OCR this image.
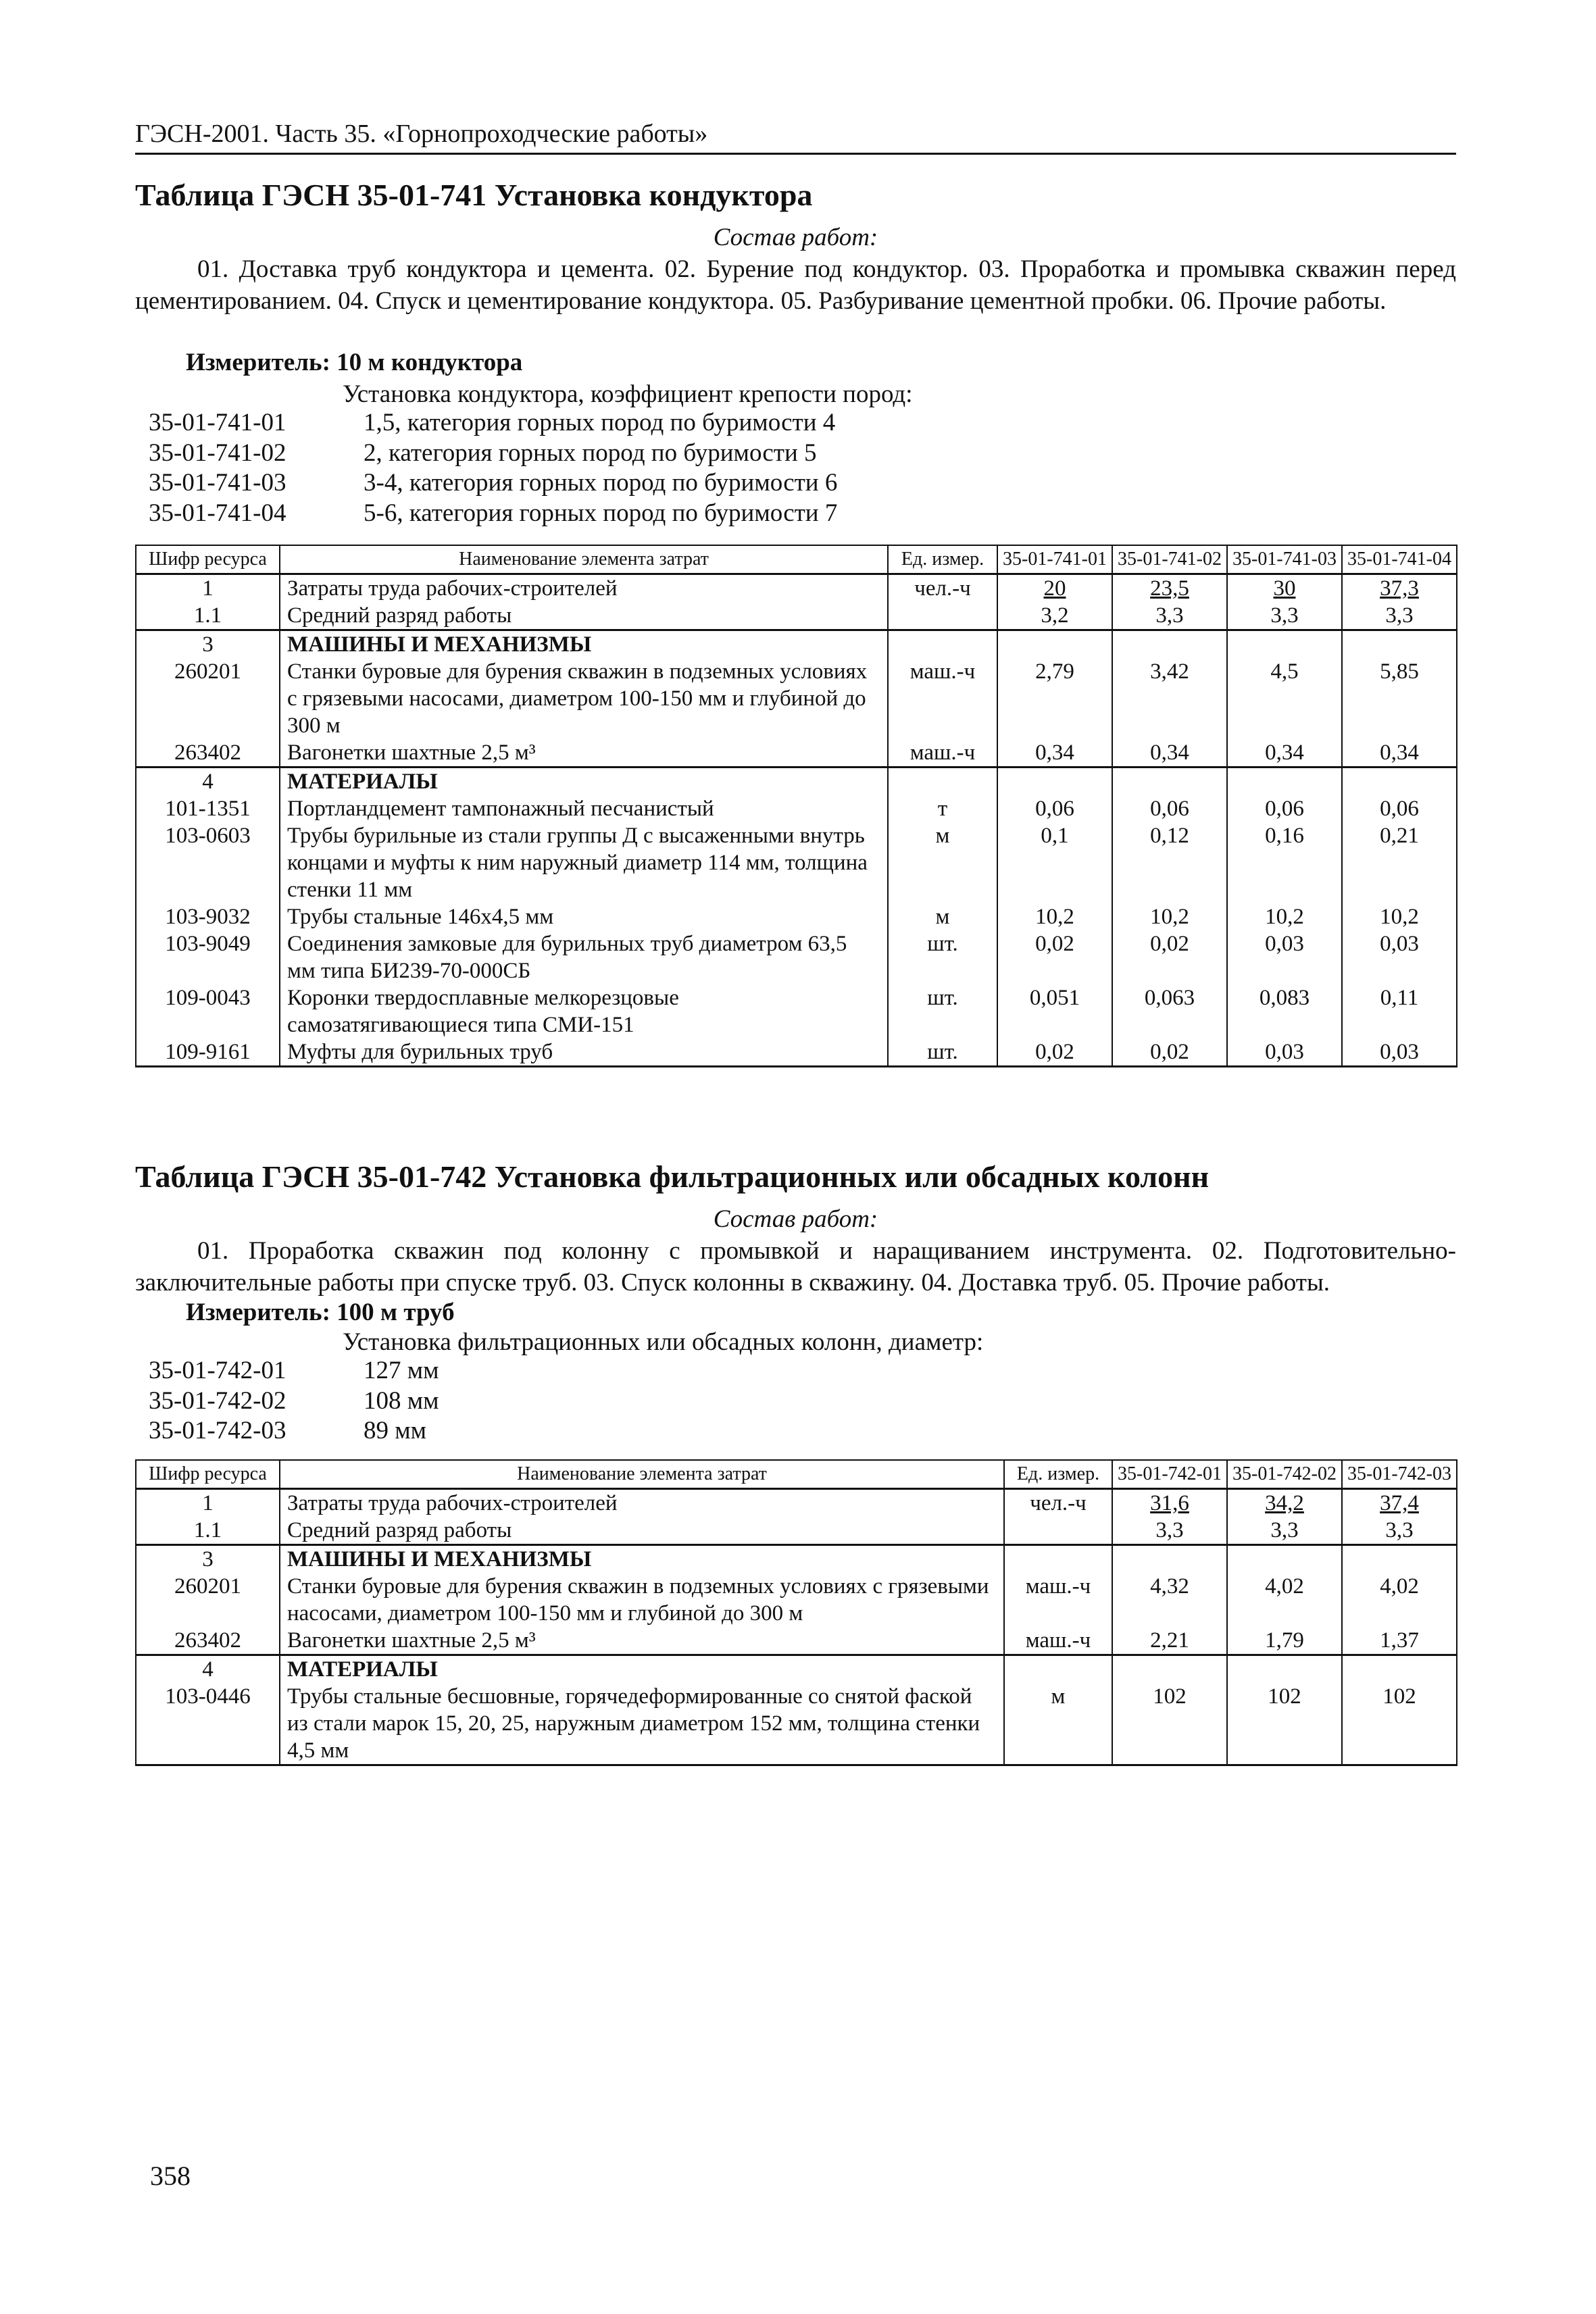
ГЭСН-2001. Часть 35. «Горнопроходческие работы»
Таблица ГЭСН 35-01-741 Установка кондуктора
Состав работ:
01. Доставка труб кондуктора и цемента. 02. Бурение под кондуктор. 03. Проработка и промывка скважин перед цементированием. 04. Спуск и цементирование кондуктора. 05. Разбуривание цементной пробки. 06. Прочие работы.
Измеритель: 10 м кондуктора
Установка кондуктора, коэффициент крепости пород:
35-01-741-01	1,5, категория горных пород по буримости 4
35-01-741-02	2, категория горных пород по буримости 5
35-01-741-03	3-4, категория горных пород по буримости 6
35-01-741-04	5-6, категория горных пород по буримости 7
Шифр ресурса	Наименование элемента затрат	Ед. измер.	35-01-741-01	35-01-741-02	35-01-741-03	35-01-741-04
1	Затраты труда рабочих-строителей	чел.-ч	20	23,5	30	37,3
1.1	Средний разряд работы		3,2	3,3	3,3	3,3
3	МАШИНЫ И МЕХАНИЗМЫ					
260201	Станки буровые для бурения скважин в подземных условиях с грязевыми насосами, диаметром 100-150 мм и глубиной до 300 м	маш.-ч	2,79	3,42	4,5	5,85
263402	Вагонетки шахтные 2,5 м³	маш.-ч	0,34	0,34	0,34	0,34
4	МАТЕРИАЛЫ					
101-1351	Портландцемент тампонажный песчанистый	т	0,06	0,06	0,06	0,06
103-0603	Трубы бурильные из стали группы Д с высаженными внутрь концами и муфты к ним наружный диаметр 114 мм, толщина стенки 11 мм	м	0,1	0,12	0,16	0,21
103-9032	Трубы стальные 146х4,5 мм	м	10,2	10,2	10,2	10,2
103-9049	Соединения замковые для бурильных труб диаметром 63,5 мм типа БИ239-70-000СБ	шт.	0,02	0,02	0,03	0,03
109-0043	Коронки твердосплавные мелкорезцовые самозатягивающиеся типа СМИ-151	шт.	0,051	0,063	0,083	0,11
109-9161	Муфты для бурильных труб	шт.	0,02	0,02	0,03	0,03
Таблица ГЭСН 35-01-742 Установка фильтрационных или обсадных колонн
Состав работ:
01. Проработка скважин под колонну с промывкой и наращиванием инструмента. 02. Подготовительно-заключительные работы при спуске труб. 03. Спуск колонны в скважину. 04. Доставка труб. 05. Прочие работы.
Измеритель: 100 м труб
Установка фильтрационных или обсадных колонн, диаметр:
35-01-742-01	127 мм
35-01-742-02	108 мм
35-01-742-03	89 мм
Шифр ресурса	Наименование элемента затрат	Ед. измер.	35-01-742-01	35-01-742-02	35-01-742-03
1	Затраты труда рабочих-строителей	чел.-ч	31,6	34,2	37,4
1.1	Средний разряд работы		3,3	3,3	3,3
3	МАШИНЫ И МЕХАНИЗМЫ				
260201	Станки буровые для бурения скважин в подземных условиях с грязевыми насосами, диаметром 100-150 мм и глубиной до 300 м	маш.-ч	4,32	4,02	4,02
263402	Вагонетки шахтные 2,5 м³	маш.-ч	2,21	1,79	1,37
4	МАТЕРИАЛЫ				
103-0446	Трубы стальные бесшовные, горячедеформированные со снятой фаской из стали марок 15, 20, 25, наружным диаметром 152 мм, толщина стенки 4,5 мм	м	102	102	102
358
